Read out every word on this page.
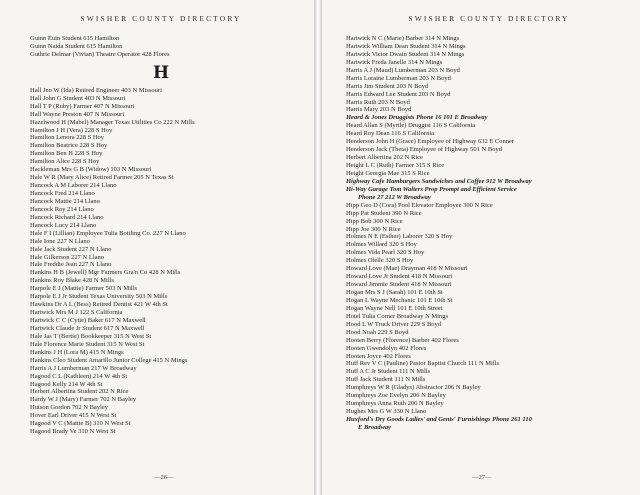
SWISHER COUNTY DIRECTORY
Guinn Euin Student 615 Hamilton
Guinn Naida Student 615 Hamilton
Guthrie Delmar (Vivian) Theatre Operator 428 Flores
H
Hall Jno W (Ida) Retired Engineer 403 N Missouri
Hall John G Student 403 N Missouri
Hall T P (Ruby) Farmer 407 N Missouri
Hall Wayne Preston 407 N Missouri
Hazelwood H (Mabel) Manager Texas Utilities Co 222 N Mills
Hamilton J H (Vera) 228 S Hoy
Hamilton Lenora 228 S Hoy
Hamilton Beatrice 228 S Hoy
Hamilton Ben H 228 S Hoy
Hamilton Alice 228 S Hoy
Hackleman Mrs G B (Widow) 103 N Missouri
Hale W R (Mary Alice) Retired Farmer 205 N Texas St
Hancock A M Laborer 214 Llano
Hancock Fred 214 Llano
Hancock Mattie 214 Llano
Hancock Roy 214 Llano
Hancock Richard 214 Llano
Hancock Lucy 214 Llano
Hale F I (Lillian) Employee Tulia Bottling Co. 227 N Llano
Hale Ione 227 N Llano
Hale Jack Student 227 N Llano
Hale Gilkerson 227 N Llano
Hale Freddie Jean 227 N Llano
Hankins H B (Jewell) Mgr Farmers Gra'n Co 428 N Mills
Hankins Roy Blake 428 N Mills
Harpole E J (Mattie) Farmer 503 N Mills
Harpole E J Jr Student Texas University 503 N Mills
Hawkins Dr A L (Bess) Retired Dentist 421 W 4th St
Hartwick Mrs M J 122 S California
Hartwick C C (Cytie) Baker 617 N Maxwell
Hartwick Claude Jr Student 617 N Maxwell
Hale Jas T (Bertie) Bookkeeper 315 N West St
Hale Florence Marie Student 315 N West St
Hankins J H (Lora M) 415 N Mings
Hankins Cleo Student Amarillo Junior College 415 N Mings
Harris A J Lumberman 217 W Broadway
Hagood C L (Kathleen) 214 W 4th St
Hagood Kelly 214 W 4th St
Herbert Albertina Student 202 N Rice
Hardy W J (Mary) Farmer 702 N Bayley
Hutson Gordon 702 N Bayley
Hover Earl Driver 415 N West St
Hagood V C (Mattie B) 310 N West St
Hagood Brady Ve 310 N West St
—26—
SWISHER COUNTY DIRECTORY
Hartwick N C (Marie) Barber 314 N Mings
Hartwick William Dean Student 314 N Mings
Hartwick Victor Dwain Student 314 N Mings
Hartwick Freda Janelle 314 N Mings
Harris A J (Maud) Lumberman 203 N Boyd
Harris Loraine Lumberman 203 N Boyd
Harris Jim Student 203 N Boyd
Harris Edward Lee Student 203 N Boyd
Harris Ruth 203 N Boyd
Harris Mary 203 N Boyd
Heard & Jones Druggists Phone 16 101 E Broadway
Heard Allan S (Myrtle) Druggist 116 S California
Heard Roy Dean 116 S California
Henderson John H (Grace) Employee of Highway 632 E Conner
Henderson Jack (Theta) Employee of Highway 501 N Boyd
Herbert Albertina 202 N Rice
Height L C (Ruth) Farmer 315 S Rice
Height Georgia Mae 315 S Rice
Highway Cafe Hamburgers Sandwiches and Coffee 912 W Broadway
Hi-Way Garage Tom Walters Prop Prompt and Efficient Service
Phone 27 212 W Broadway
Hipp Geo D (Cora) Pool Elevator Employee 300 N Rice
Hipp Pat Student 390 N Rice
Hipp Bob 300 N Rice
Hipp Joe 300 N Rice
Holmes N E (Esther) Laborer 320 S Hoy
Holmes Willard 320 S Hoy
Holmes Vida Pearl 320 S Hoy
Holmes Olelle 320 S Hoy
Howard Love (Mae) Drayman 418 N Missouri
Howard Love Jr Student 418 N Missouri
Howard Jimmie Student 418 N Missouri
Hogan Mrs S J (Sarah) 101 E 10th St
Hogan L Wayne Mechanic 101 E 10th St
Hogan Wayne Nell 101 E 10th Street
Hotel Tulia Corner Broadway N Mings
Hood L W Truck Driver 229 S Boyd
Hood Noah 229 S Boyd
Hooten Berry (Florence) Barber 402 Flores
Hooten Gwendolyn 402 Flores
Hooten Joyce 402 Flores
Huff Rev V C (Pauline) Pastor Baptist Church 111 N Mills
Huff A C Jr Student 111 N Mills
Huff Jack Student 111 N Mills
Humphreys W R (Gladys) Abstractor 206 N Bayley
Humphreys Zoe Evelyn 206 N Bayley
Humphreys Anna Ruth 206 N Bayley
Hughes Mrs G W 330 N Llano
Huxford's Dry Goods Ladies' and Gents' Furnishings Phone 261 110
E Broadway
—27—
